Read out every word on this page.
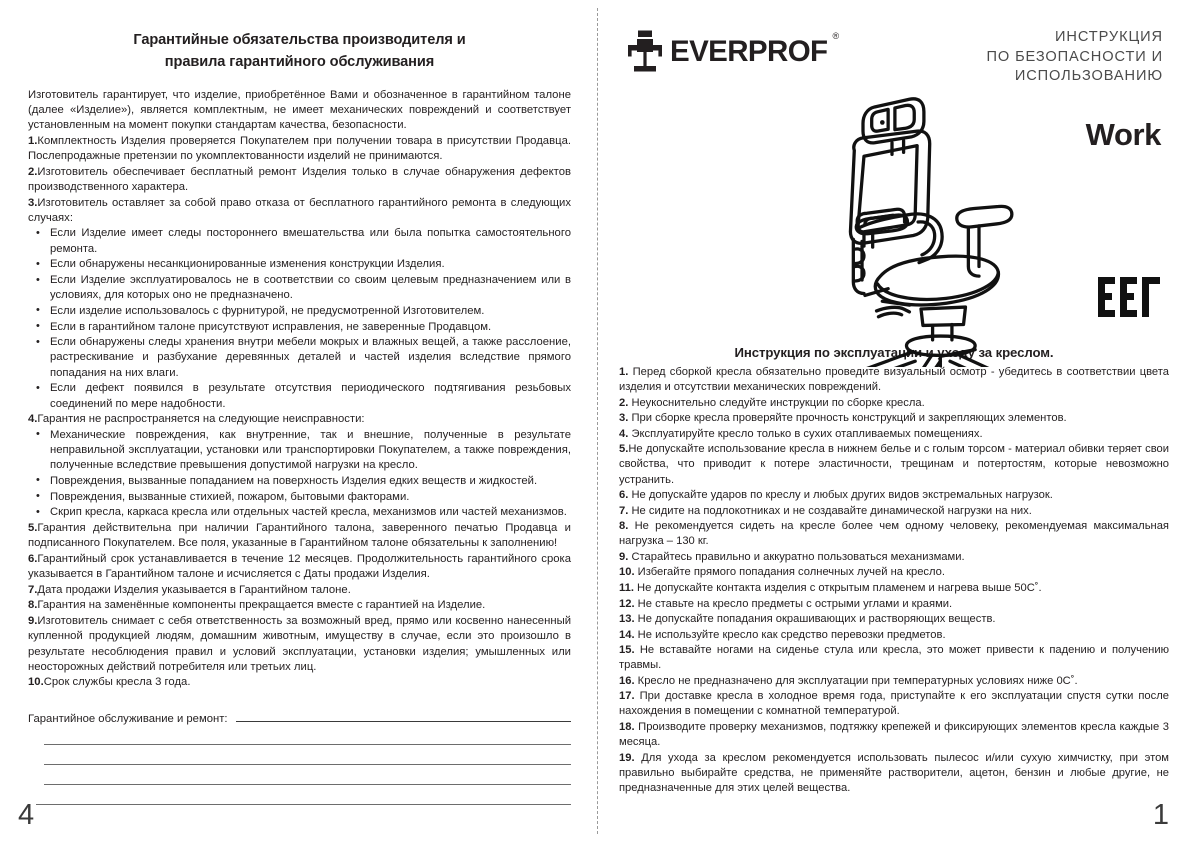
Гарантийные обязательства производителя и
правила гарантийного обслуживания

Изготовитель гарантирует, что изделие, приобретённое Вами и обозначенное в гарантийном талоне (далее «Изделие»), является комплектным, не имеет механических повреждений и соответствует установленным на момент покупки стандартам качества, безопасности.

1.Комплектность Изделия проверяется Покупателем при получении товара в присутствии Продавца. Послепродажные претензии по укомплектованности изделий не принимаются.

2.Изготовитель обеспечивает бесплатный ремонт Изделия только в случае обнаружения дефектов производственного характера.

3.Изготовитель оставляет за собой право отказа от бесплатного гарантийного ремонта в следующих случаях:

• Если Изделие имеет следы постороннего вмешательства или была попытка самостоятельного ремонта.
• Если обнаружены несанкционированные изменения конструкции Изделия.
• Если Изделие эксплуатировалось не в соответствии со своим целевым предназначением или в условиях, для которых оно не предназначено.
• Если изделие использовалось с фурнитурой, не предусмотренной Изготовителем.
• Если в гарантийном талоне присутствуют исправления, не заверенные Продавцом.
• Если обнаружены следы хранения внутри мебели мокрых и влажных вещей, а также расслоение, растрескивание и разбухание деревянных деталей и частей изделия вследствие прямого попадания на них влаги.
• Если дефект появился в результате отсутствия периодического подтягивания резьбовых соединений по мере надобности.

4.Гарантия не распространяется на следующие неисправности:

• Механические повреждения, как внутренние, так и внешние, полученные в результате неправильной эксплуатации, установки или транспортировки Покупателем, а также повреждения, полученные вследствие превышения допустимой нагрузки на кресло.
• Повреждения, вызванные попаданием на поверхность Изделия едких веществ и жидкостей.
• Повреждения, вызванные стихией, пожаром, бытовыми факторами.
• Скрип кресла, каркаса кресла или отдельных частей кресла, механизмов или частей механизмов.

5.Гарантия действительна при наличии Гарантийного талона, заверенного печатью Продавца и подписанного Покупателем. Все поля, указанные в Гарантийном талоне обязательны к заполнению!

6.Гарантийный срок устанавливается в течение 12 месяцев. Продолжительность гарантийного срока указывается в Гарантийном талоне и исчисляется с Даты продажи Изделия.

7.Дата продажи Изделия указывается в Гарантийном талоне.

8.Гарантия на заменённые компоненты прекращается вместе с гарантией на Изделие.

9.Изготовитель снимает с себя ответственность за возможный вред, прямо или косвенно нанесенный купленной продукцией людям, домашним животным, имуществу в случае, если это произошло в результате несоблюдения правил и условий эксплуатации, установки изделия; умышленных или неосторожных действий потребителя или третьих лиц.

10.Срок службы кресла 3 года.

Гарантийное обслуживание и ремонт:
4
EVERPROF ®	ИНСТРУКЦИЯ
ПО БЕЗОПАСНОСТИ И
ИСПОЛЬЗОВАНИЮ
Work
Инструкция по эксплуатации и уходу за креслом.

1. Перед сборкой кресла обязательно проведите визуальный осмотр - убедитесь в соответствии цвета изделия и отсутствии механических повреждений.

2. Неукоснительно следуйте инструкции по сборке кресла.

3. При сборке кресла проверяйте прочность конструкций и закрепляющих элементов.

4. Эксплуатируйте кресло только в сухих отапливаемых помещениях.

5.Не допускайте использование кресла в нижнем белье и с голым торсом - материал обивки теряет свои свойства, что приводит к потере эластичности, трещинам и потертостям, которые невозможно устранить.

6. Не допускайте ударов по креслу и любых других видов экстремальных нагрузок.

7. Не сидите на подлокотниках и не создавайте динамической нагрузки на них.

8. Не рекомендуется сидеть на кресле более чем одному человеку, рекомендуемая максимальная нагрузка – 130 кг.

9. Старайтесь правильно и аккуратно пользоваться механизмами.

10. Избегайте прямого попадания солнечных лучей на кресло.

11. Не допускайте контакта изделия с открытым пламенем и нагрева выше 50С˚.

12. Не ставьте на кресло предметы с острыми углами и краями.

13. Не допускайте попадания окрашивающих и растворяющих веществ.

14. Не используйте кресло как средство перевозки предметов.

15. Не вставайте ногами на сиденье стула или кресла, это может привести к падению и получению травмы.

16. Кресло не предназначено для эксплуатации при температурных условиях ниже 0С˚.

17. При доставке кресла в холодное время года, приступайте к его эксплуатации спустя сутки после нахождения в помещении с комнатной температурой.

18. Производите проверку механизмов, подтяжку крепежей и фиксирующих элементов кресла каждые 3 месяца.

19. Для ухода за креслом рекомендуется использовать пылесос и/или сухую химчистку, при этом правильно выбирайте средства, не применяйте растворители, ацетон, бензин и любые другие, не предназначенные для этих целей вещества.

1
